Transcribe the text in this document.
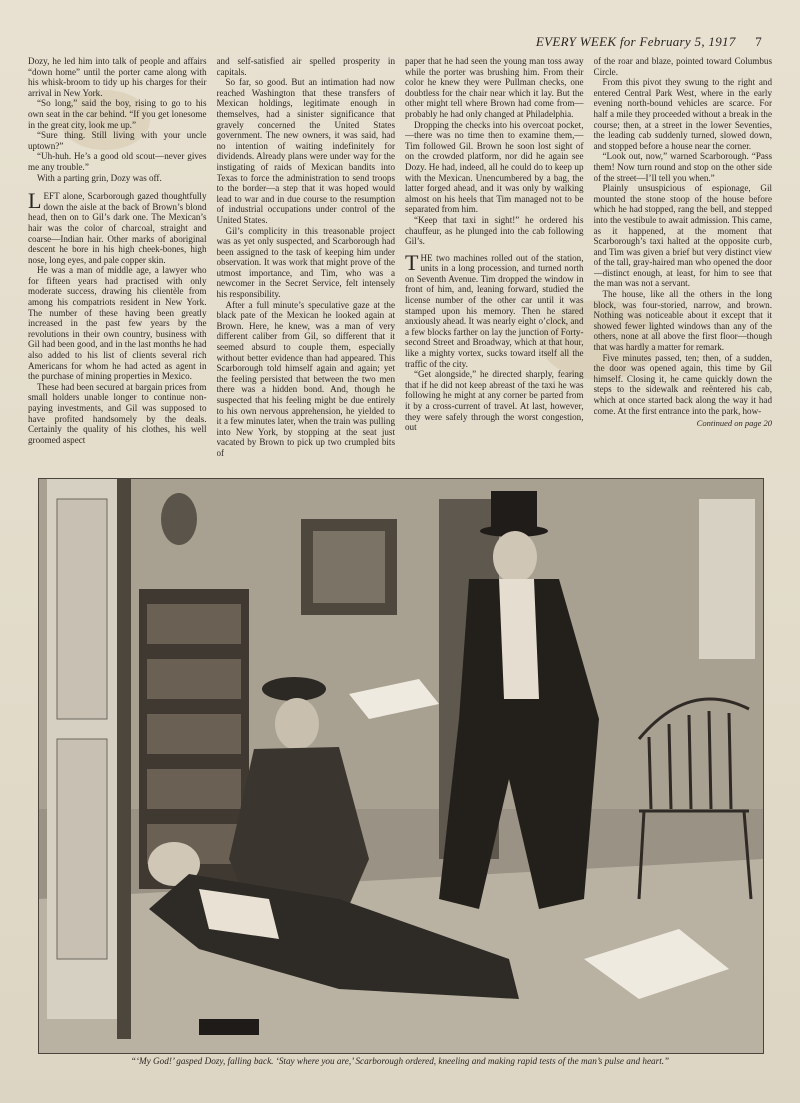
EVERY WEEK for February 5, 1917 7

Dozy, he led him into talk of people and affairs “down home” until the porter came along with his whisk-broom to tidy up his charges for their arrival in New York.

“So long,” said the boy, rising to go to his own seat in the car behind. “If you get lonesome in the great city, look me up.”

“Sure thing. Still living with your uncle uptown?”

“Uh-huh. He’s a good old scout—never gives me any trouble.”

With a parting grin, Dozy was off.

LEFT alone, Scarborough gazed thoughtfully down the aisle at the back of Brown’s blond head, then on to Gil’s dark one. The Mexican’s hair was the color of charcoal, straight and coarse—Indian hair. Other marks of aboriginal descent he bore in his high cheek-bones, high nose, long eyes, and pale copper skin.

He was a man of middle age, a lawyer who for fifteen years had practised with only moderate success, drawing his clientèle from among his compatriots resident in New York. The number of these having been greatly increased in the past few years by the revolutions in their own country, business with Gil had been good, and in the last months he had also added to his list of clients several rich Americans for whom he had acted as agent in the purchase of mining properties in Mexico.

These had been secured at bargain prices from small holders unable longer to continue non-paying investments, and Gil was supposed to have profited handsomely by the deals. Certainly the quality of his clothes, his well groomed aspect

and self-satisfied air spelled prosperity in capitals.

So far, so good. But an intimation had now reached Washington that these transfers of Mexican holdings, legitimate enough in themselves, had a sinister significance that gravely concerned the United States government. The new owners, it was said, had no intention of waiting indefinitely for dividends. Already plans were under way for the instigating of raids of Mexican bandits into Texas to force the administration to send troops to the border—a step that it was hoped would lead to war and in due course to the resumption of industrial occupations under control of the United States.

Gil’s complicity in this treasonable project was as yet only suspected, and Scarborough had been assigned to the task of keeping him under observation. It was work that might prove of the utmost importance, and Tim, who was a newcomer in the Secret Service, felt intensely his responsibility.

After a full minute’s speculative gaze at the black pate of the Mexican he looked again at Brown. Here, he knew, was a man of very different caliber from Gil, so different that it seemed absurd to couple them, especially without better evidence than had appeared. This Scarborough told himself again and again; yet the feeling persisted that between the two men there was a hidden bond. And, though he suspected that his feeling might be due entirely to his own nervous apprehension, he yielded to it a few minutes later, when the train was pulling into New York, by stopping at the seat just vacated by Brown to pick up two crumpled bits of

paper that he had seen the young man toss away while the porter was brushing him. From their color he knew they were Pullman checks, one doubtless for the chair near which it lay. But the other might tell where Brown had come from—probably he had only changed at Philadelphia.

Dropping the checks into his overcoat pocket,—there was no time then to examine them,—Tim followed Gil. Brown he soon lost sight of on the crowded platform, nor did he again see Dozy. He had, indeed, all he could do to keep up with the Mexican. Unencumbered by a bag, the latter forged ahead, and it was only by walking almost on his heels that Tim managed not to be separated from him.

“Keep that taxi in sight!” he ordered his chauffeur, as he plunged into the cab following Gil’s.

THE two machines rolled out of the station, units in a long procession, and turned north on Seventh Avenue. Tim dropped the window in front of him, and, leaning forward, studied the license number of the other car until it was stamped upon his memory. Then he stared anxiously ahead. It was nearly eight o’clock, and a few blocks farther on lay the junction of Forty-second Street and Broadway, which at that hour, like a mighty vortex, sucks toward itself all the traffic of the city.

“Get alongside,” he directed sharply, fearing that if he did not keep abreast of the taxi he was following he might at any corner be parted from it by a cross-current of travel. At last, however, they were safely through the worst congestion, out

of the roar and blaze, pointed toward Columbus Circle.

From this pivot they swung to the right and entered Central Park West, where in the early evening north-bound vehicles are scarce. For half a mile they proceeded without a break in the course; then, at a street in the lower Seventies, the leading cab suddenly turned, slowed down, and stopped before a house near the corner.

“Look out, now,” warned Scarborough. “Pass them! Now turn round and stop on the other side of the street—I’ll tell you when.”

Plainly unsuspicious of espionage, Gil mounted the stone stoop of the house before which he had stopped, rang the bell, and stepped into the vestibule to await admission. This came, as it happened, at the moment that Scarborough’s taxi halted at the opposite curb, and Tim was given a brief but very distinct view of the tall, gray-haired man who opened the door—distinct enough, at least, for him to see that the man was not a servant.

The house, like all the others in the long block, was four-storied, narrow, and brown. Nothing was noticeable about it except that it showed fewer lighted windows than any of the others, none at all above the first floor—though that was hardly a matter for remark.

Five minutes passed, ten; then, of a sudden, the door was opened again, this time by Gil himself. Closing it, he came quickly down the steps to the sidewalk and reëntered his cab, which at once started back along the way it had come. At the first entrance into the park, how-

Continued on page 20
“‘My God!’ gasped Dozy, falling back. ‘Stay where you are,’ Scarborough ordered, kneeling and making rapid tests of the man’s pulse and heart.”
